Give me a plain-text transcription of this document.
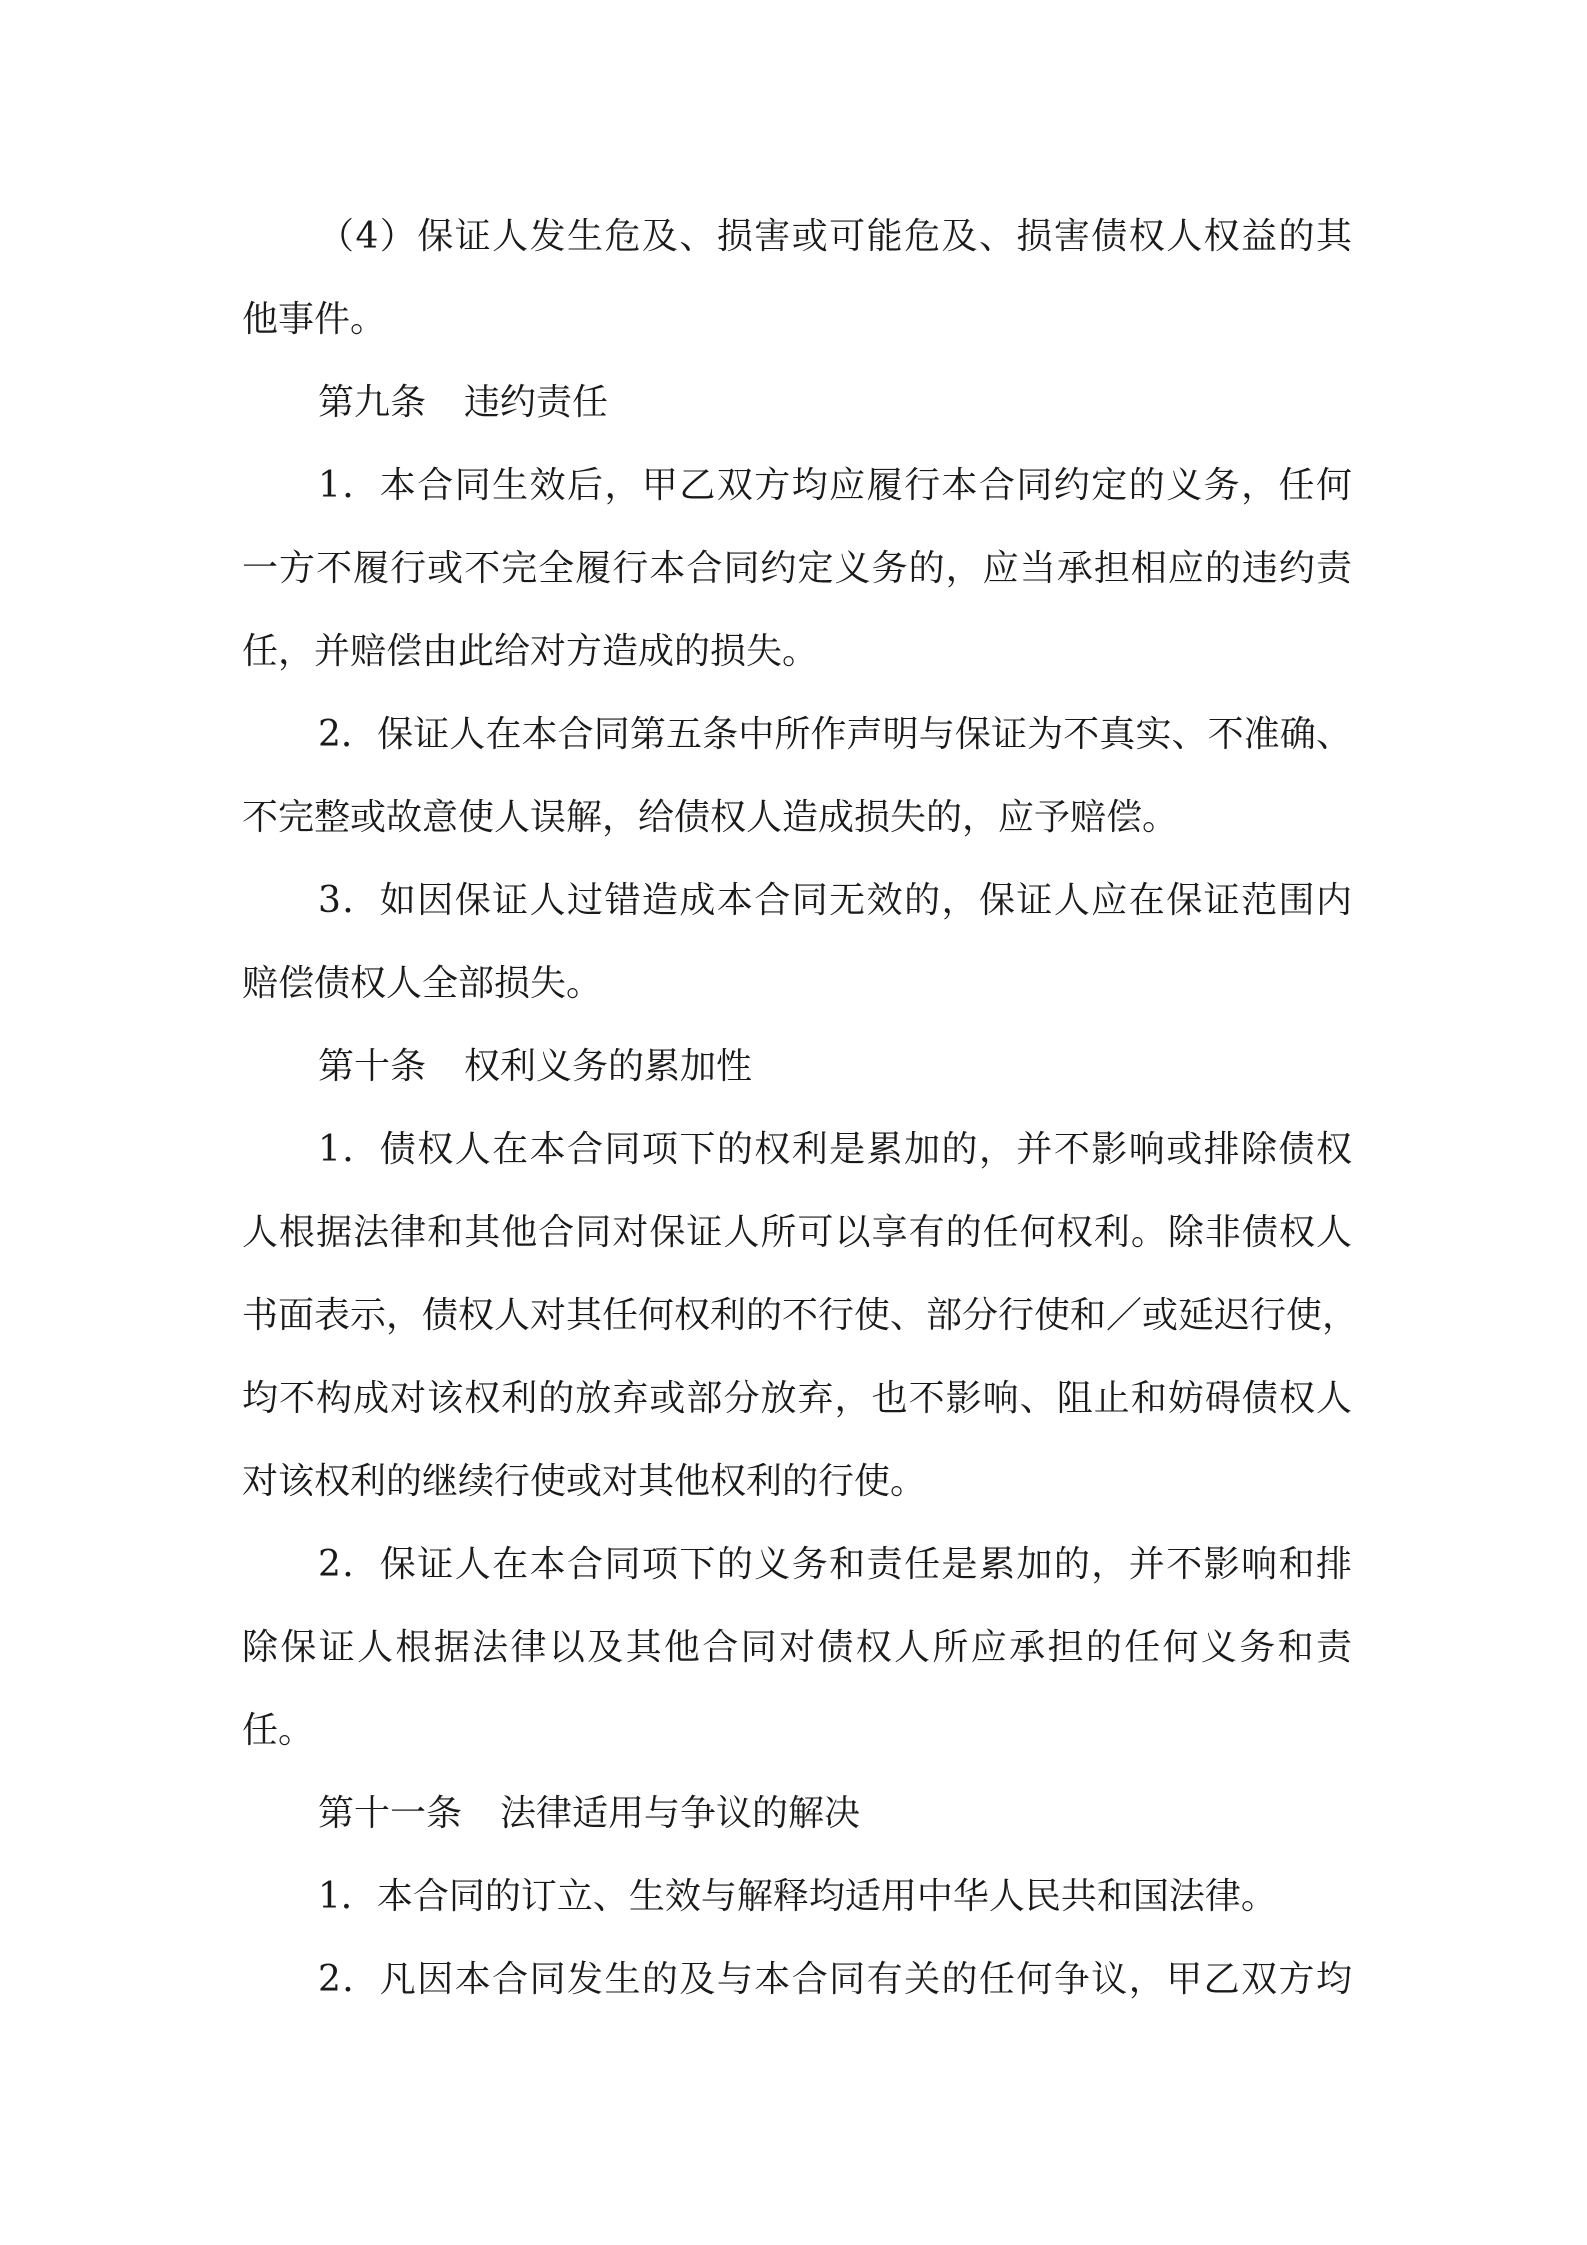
（4）保证人发生危及、损害或可能危及、损害债权人权益的其

他事件。

第九条 违约责任

1．本合同生效后，甲乙双方均应履行本合同约定的义务，任何

一方不履行或不完全履行本合同约定义务的，应当承担相应的违约责

任，并赔偿由此给对方造成的损失。

2．保证人在本合同第五条中所作声明与保证为不真实、不准确、

不完整或故意使人误解，给债权人造成损失的，应予赔偿。

3．如因保证人过错造成本合同无效的，保证人应在保证范围内

赔偿债权人全部损失。

第十条 权利义务的累加性

1．债权人在本合同项下的权利是累加的，并不影响或排除债权

人根据法律和其他合同对保证人所可以享有的任何权利。除非债权人

书面表示，债权人对其任何权利的不行使、部分行使和／或延迟行使，

均不构成对该权利的放弃或部分放弃，也不影响、阻止和妨碍债权人

对该权利的继续行使或对其他权利的行使。

2．保证人在本合同项下的义务和责任是累加的，并不影响和排

除保证人根据法律以及其他合同对债权人所应承担的任何义务和责

任。

第十一条 法律适用与争议的解决

1．本合同的订立、生效与解释均适用中华人民共和国法律。

2．凡因本合同发生的及与本合同有关的任何争议，甲乙双方均
